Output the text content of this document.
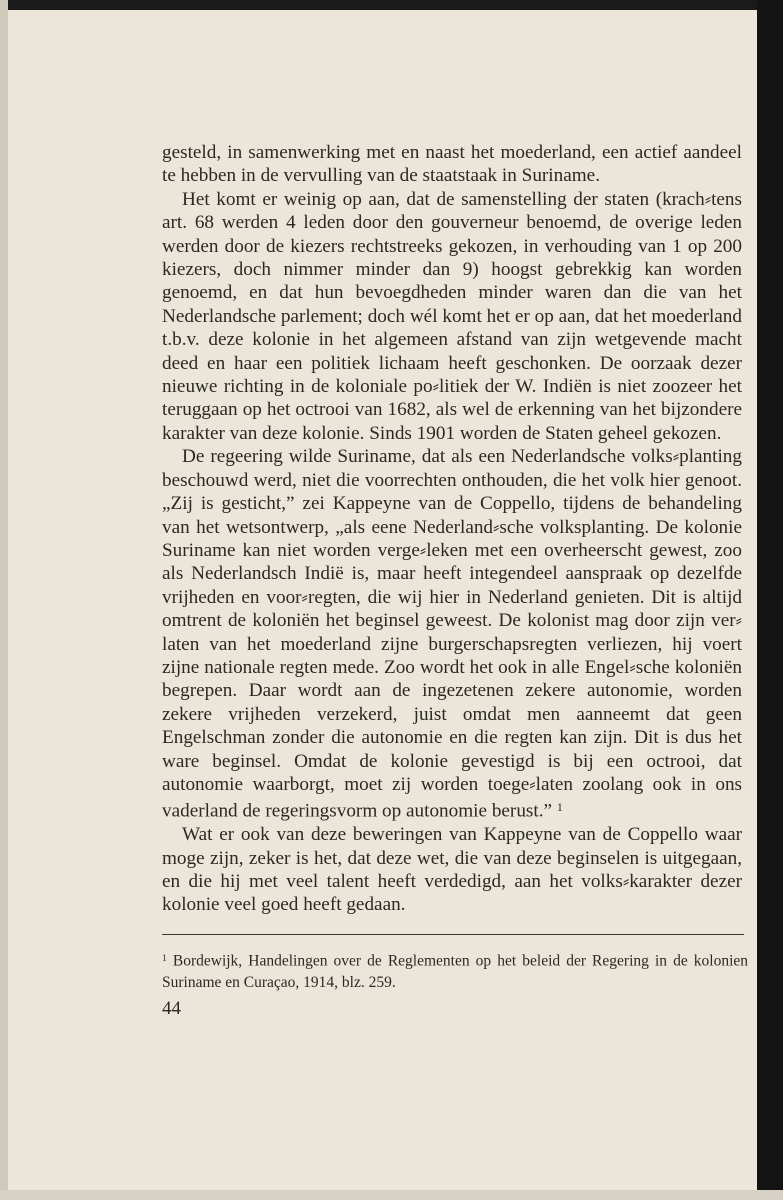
gesteld, in samenwerking met en naast het moederland, een actief aandeel te hebben in de vervulling van de staatstaak in Suriname.

Het komt er weinig op aan, dat de samenstelling der staten (krach⸗tens art. 68 werden 4 leden door den gouverneur benoemd, de overige leden werden door de kiezers rechtstreeks gekozen, in verhouding van 1 op 200 kiezers, doch nimmer minder dan 9) hoogst gebrekkig kan worden genoemd, en dat hun bevoegdheden minder waren dan die van het Nederlandsche parlement; doch wél komt het er op aan, dat het moederland t.b.v. deze kolonie in het algemeen afstand van zijn wetgevende macht deed en haar een politiek lichaam heeft geschonken. De oorzaak dezer nieuwe richting in de koloniale po⸗litiek der W. Indiën is niet zoozeer het teruggaan op het octrooi van 1682, als wel de erkenning van het bijzondere karakter van deze kolonie. Sinds 1901 worden de Staten geheel gekozen.

De regeering wilde Suriname, dat als een Nederlandsche volks⸗planting beschouwd werd, niet die voorrechten onthouden, die het volk hier genoot. „Zij is gesticht,” zei Kappeyne van de Coppello, tijdens de behandeling van het wetsontwerp, „als eene Nederland⸗sche volksplanting. De kolonie Suriname kan niet worden verge⸗leken met een overheerscht gewest, zoo als Nederlandsch Indië is, maar heeft integendeel aanspraak op dezelfde vrijheden en voor⸗regten, die wij hier in Nederland genieten. Dit is altijd omtrent de koloniën het beginsel geweest. De kolonist mag door zijn ver⸗laten van het moederland zijne burgerschapsregten verliezen, hij voert zijne nationale regten mede. Zoo wordt het ook in alle Engel⸗sche koloniën begrepen. Daar wordt aan de ingezetenen zekere autonomie, worden zekere vrijheden verzekerd, juist omdat men aanneemt dat geen Engelschman zonder die autonomie en die regten kan zijn. Dit is dus het ware beginsel. Omdat de kolonie gevestigd is bij een octrooi, dat autonomie waarborgt, moet zij worden toege⸗laten zoolang ook in ons vaderland de regeringsvorm op autonomie berust.” $^1$

Wat er ook van deze beweringen van Kappeyne van de Coppello waar moge zijn, zeker is het, dat deze wet, die van deze beginselen is uitgegaan, en die hij met veel talent heeft verdedigd, aan het volks⸗karakter dezer kolonie veel goed heeft gedaan.

$^1$ Bordewijk, Handelingen over de Reglementen op het beleid der Regering in de kolonien Suriname en Curaçao, 1914, blz. 259.
44
